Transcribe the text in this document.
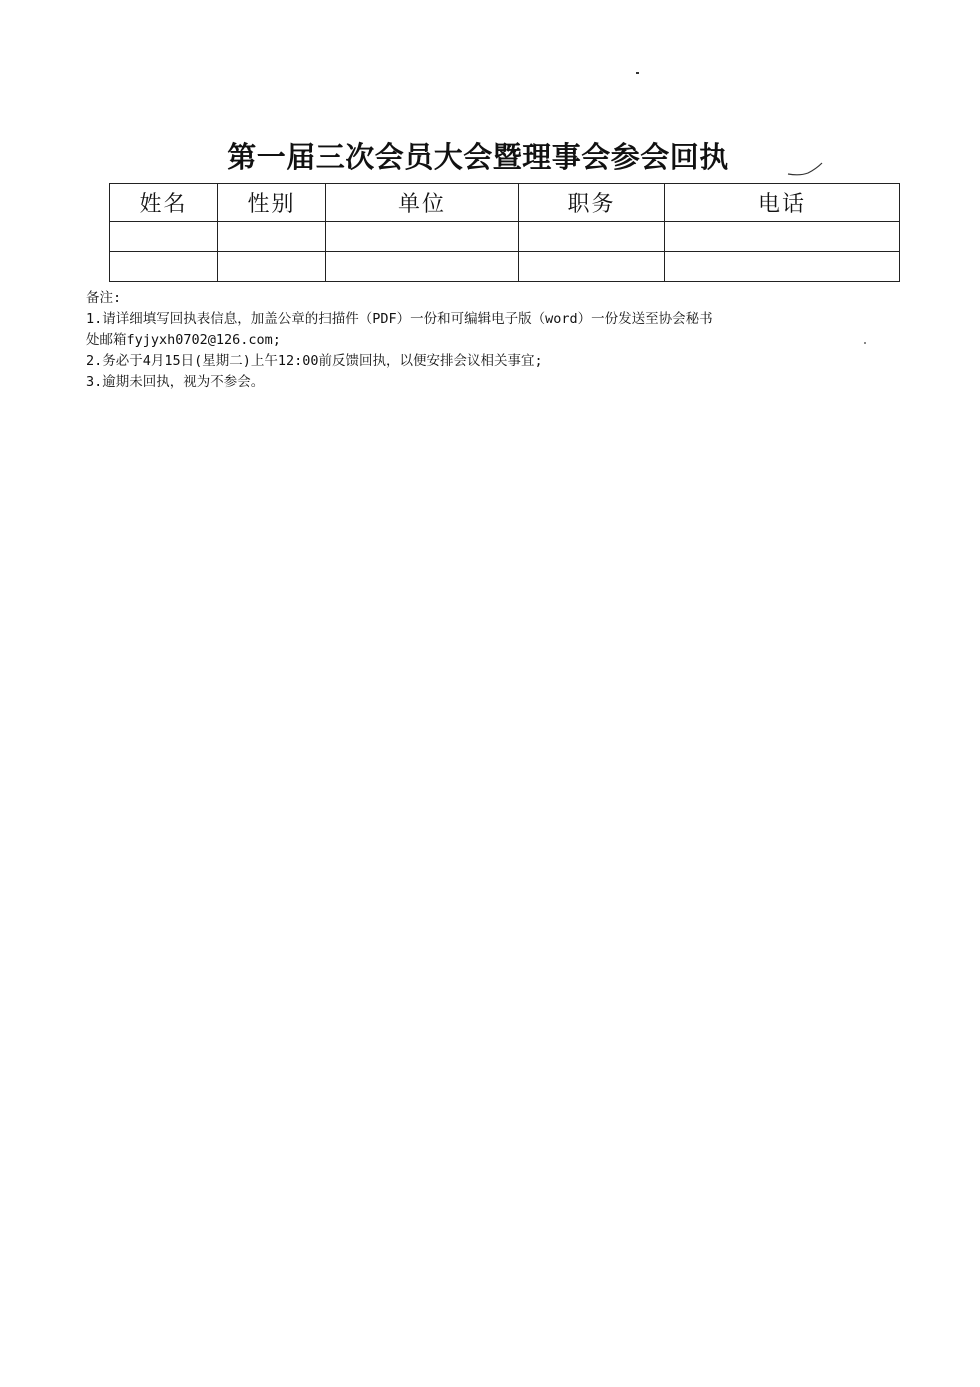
第一届三次会员大会暨理事会参会回执
姓名	性别	单位	职务	电话

备注:
1.请详细填写回执表信息，加盖公章的扫描件（PDF）一份和可编辑电子版（word）一份发送至协会秘书
处邮箱fyjyxh0702@126.com;
2.务必于4月15日(星期二)上午12:00前反馈回执，以便安排会议相关事宜;
3.逾期未回执，视为不参会。
